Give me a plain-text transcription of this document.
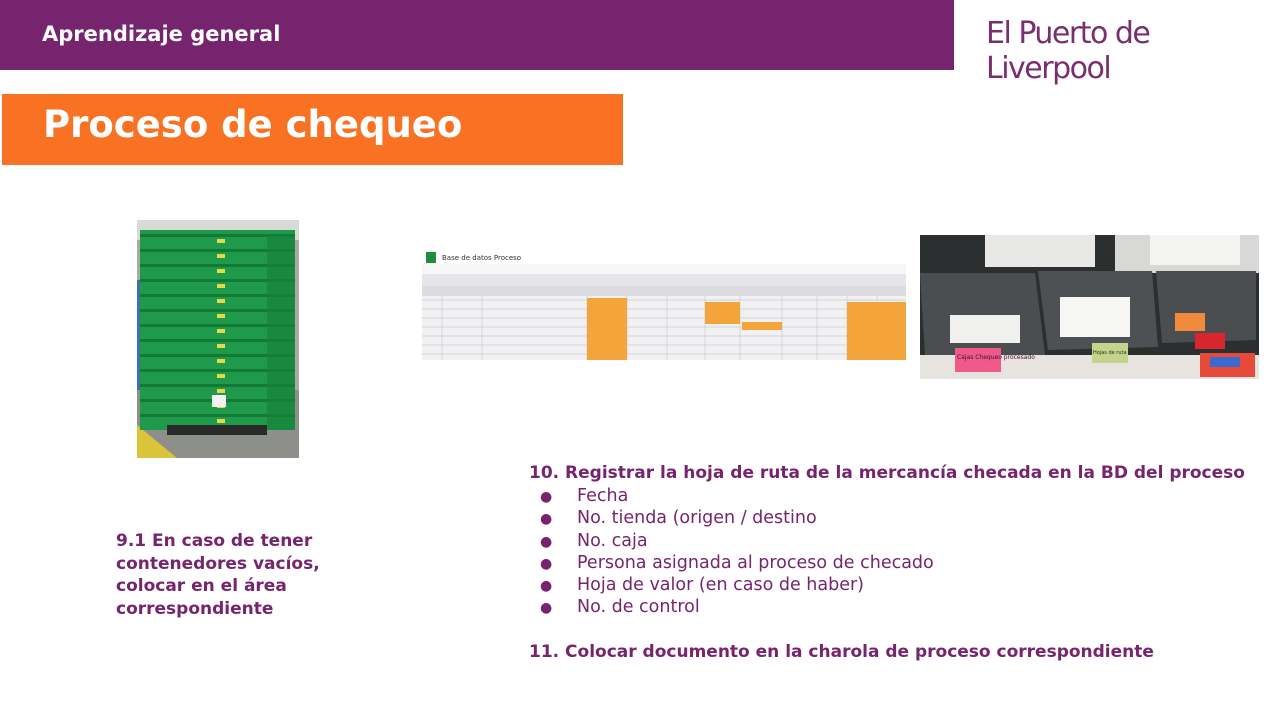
Aprendizaje general	El Puerto de Liverpool
Proceso de chequeo
Base de datos Proceso
Cajas Chequeo procesado
Hojas de ruta Pendientes
9.1 En caso de tener contenedores vacíos, colocar en el área correspondiente
10. Registrar la hoja de ruta de la mercancía checada en la BD del proceso
● Fecha
● No. tienda (origen / destino
● No. caja
● Persona asignada al proceso de checado
● Hoja de valor (en caso de haber)
● No. de control
11. Colocar documento en la charola de proceso correspondiente
